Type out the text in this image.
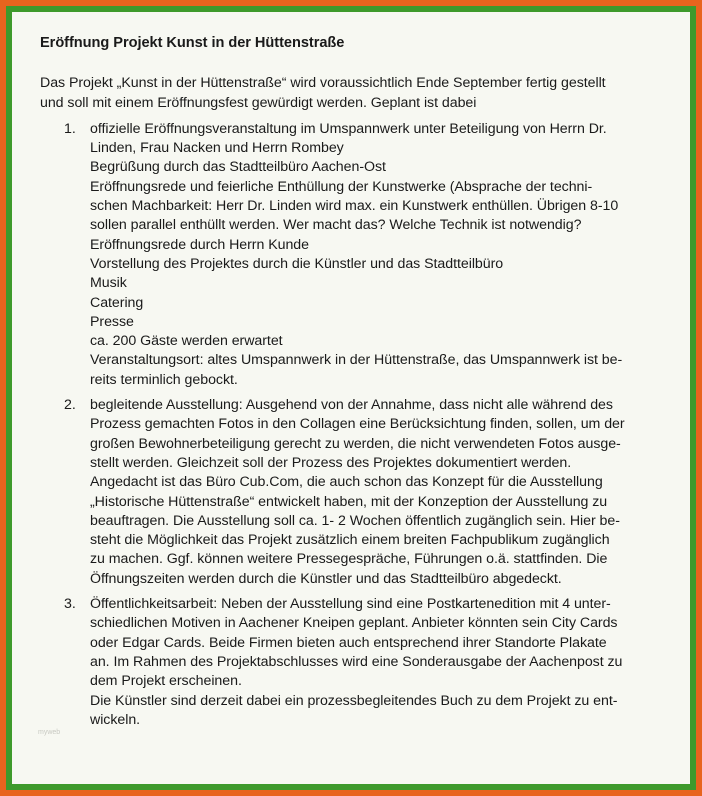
Eröffnung Projekt Kunst in der Hüttenstraße
Das Projekt „Kunst in der Hüttenstraße“ wird voraussichtlich Ende September fertig gestellt
und soll mit einem Eröffnungsfest gewürdigt werden. Geplant ist dabei
1. offizielle Eröffnungsveranstaltung im Umspannwerk unter Beteiligung von Herrn Dr.
Linden, Frau Nacken und Herrn Rombey
Begrüßung durch das Stadtteilbüro Aachen-Ost
Eröffnungsrede und feierliche Enthüllung der Kunstwerke (Absprache der techni-
schen Machbarkeit: Herr Dr. Linden wird max. ein Kunstwerk enthüllen. Übrigen 8-10
sollen parallel enthüllt werden. Wer macht das? Welche Technik ist notwendig?
Eröffnungsrede durch Herrn Kunde
Vorstellung des Projektes durch die Künstler und das Stadtteilbüro
Musik
Catering
Presse
ca. 200 Gäste werden erwartet
Veranstaltungsort: altes Umspannwerk in der Hüttenstraße, das Umspannwerk ist be-
reits terminlich gebockt.
2. begleitende Ausstellung: Ausgehend von der Annahme, dass nicht alle während des
Prozess gemachten Fotos in den Collagen eine Berücksichtung finden, sollen, um der
großen Bewohnerbeteiligung gerecht zu werden, die nicht verwendeten Fotos ausge-
stellt werden. Gleichzeit soll der Prozess des Projektes dokumentiert werden.
Angedacht ist das Büro Cub.Com, die auch schon das Konzept für die Ausstellung
„Historische Hüttenstraße“ entwickelt haben, mit der Konzeption der Ausstellung zu
beauftragen. Die Ausstellung soll ca. 1- 2 Wochen öffentlich zugänglich sein. Hier be-
steht die Möglichkeit das Projekt zusätzlich einem breiten Fachpublikum zugänglich
zu machen. Ggf. können weitere Pressegespräche, Führungen o.ä. stattfinden. Die
Öffnungszeiten werden durch die Künstler und das Stadtteilbüro abgedeckt.
3. Öffentlichkeitsarbeit: Neben der Ausstellung sind eine Postkartenedition mit 4 unter-
schiedlichen Motiven in Aachener Kneipen geplant. Anbieter könnten sein City Cards
oder Edgar Cards. Beide Firmen bieten auch entsprechend ihrer Standorte Plakate
an. Im Rahmen des Projektabschlusses wird eine Sonderausgabe der Aachenpost zu
dem Projekt erscheinen.
Die Künstler sind derzeit dabei ein prozessbegleitendes Buch zu dem Projekt zu ent-
wickeln.
myweb
